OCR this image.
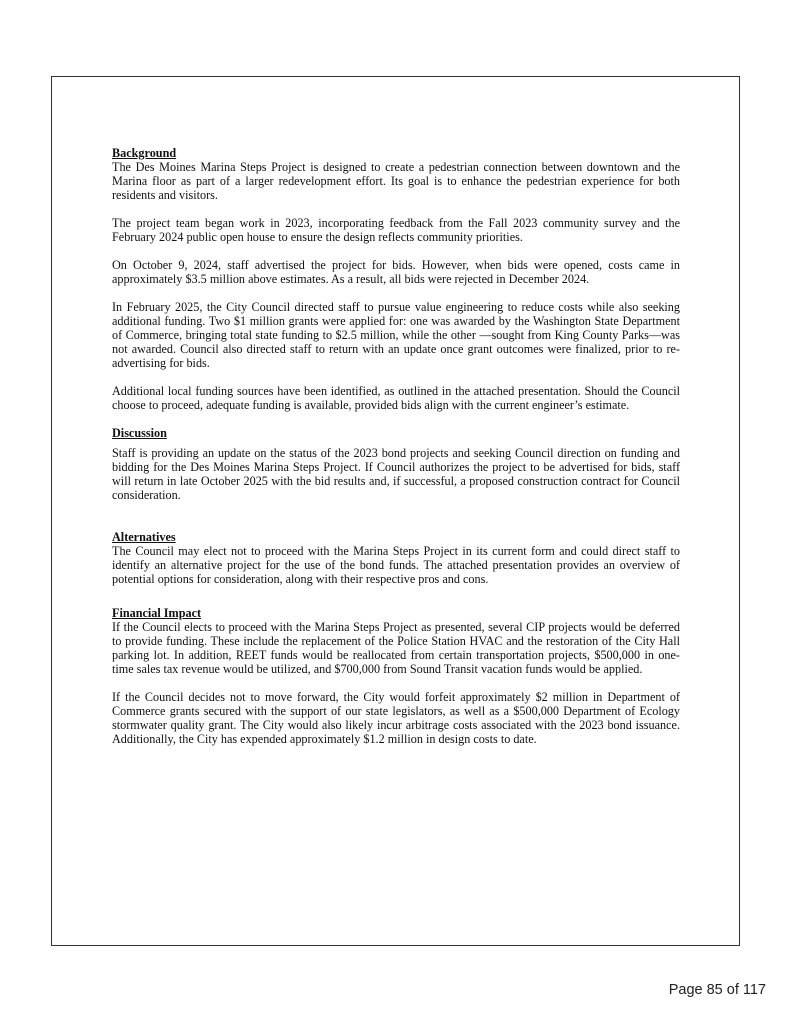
Background

The Des Moines Marina Steps Project is designed to create a pedestrian connection between downtown and the Marina floor as part of a larger redevelopment effort. Its goal is to enhance the pedestrian experience for both residents and visitors.

The project team began work in 2023, incorporating feedback from the Fall 2023 community survey and the February 2024 public open house to ensure the design reflects community priorities.

On October 9, 2024, staff advertised the project for bids. However, when bids were opened, costs came in approximately $3.5 million above estimates. As a result, all bids were rejected in December 2024.

In February 2025, the City Council directed staff to pursue value engineering to reduce costs while also seeking additional funding. Two $1 million grants were applied for: one was awarded by the Washington State Department of Commerce, bringing total state funding to $2.5 million, while the other —sought from King County Parks—was not awarded. Council also directed staff to return with an update once grant outcomes were finalized, prior to re-advertising for bids.

Additional local funding sources have been identified, as outlined in the attached presentation. Should the Council choose to proceed, adequate funding is available, provided bids align with the current engineer’s estimate.

Discussion

Staff is providing an update on the status of the 2023 bond projects and seeking Council direction on funding and bidding for the Des Moines Marina Steps Project. If Council authorizes the project to be advertised for bids, staff will return in late October 2025 with the bid results and, if successful, a proposed construction contract for Council consideration.

Alternatives

The Council may elect not to proceed with the Marina Steps Project in its current form and could direct staff to identify an alternative project for the use of the bond funds. The attached presentation provides an overview of potential options for consideration, along with their respective pros and cons.

Financial Impact

If the Council elects to proceed with the Marina Steps Project as presented, several CIP projects would be deferred to provide funding. These include the replacement of the Police Station HVAC and the restoration of the City Hall parking lot. In addition, REET funds would be reallocated from certain transportation projects, $500,000 in one-time sales tax revenue would be utilized, and $700,000 from Sound Transit vacation funds would be applied.

If the Council decides not to move forward, the City would forfeit approximately $2 million in Department of Commerce grants secured with the support of our state legislators, as well as a $500,000 Department of Ecology stormwater quality grant. The City would also likely incur arbitrage costs associated with the 2023 bond issuance. Additionally, the City has expended approximately $1.2 million in design costs to date.

Page 85 of 117
